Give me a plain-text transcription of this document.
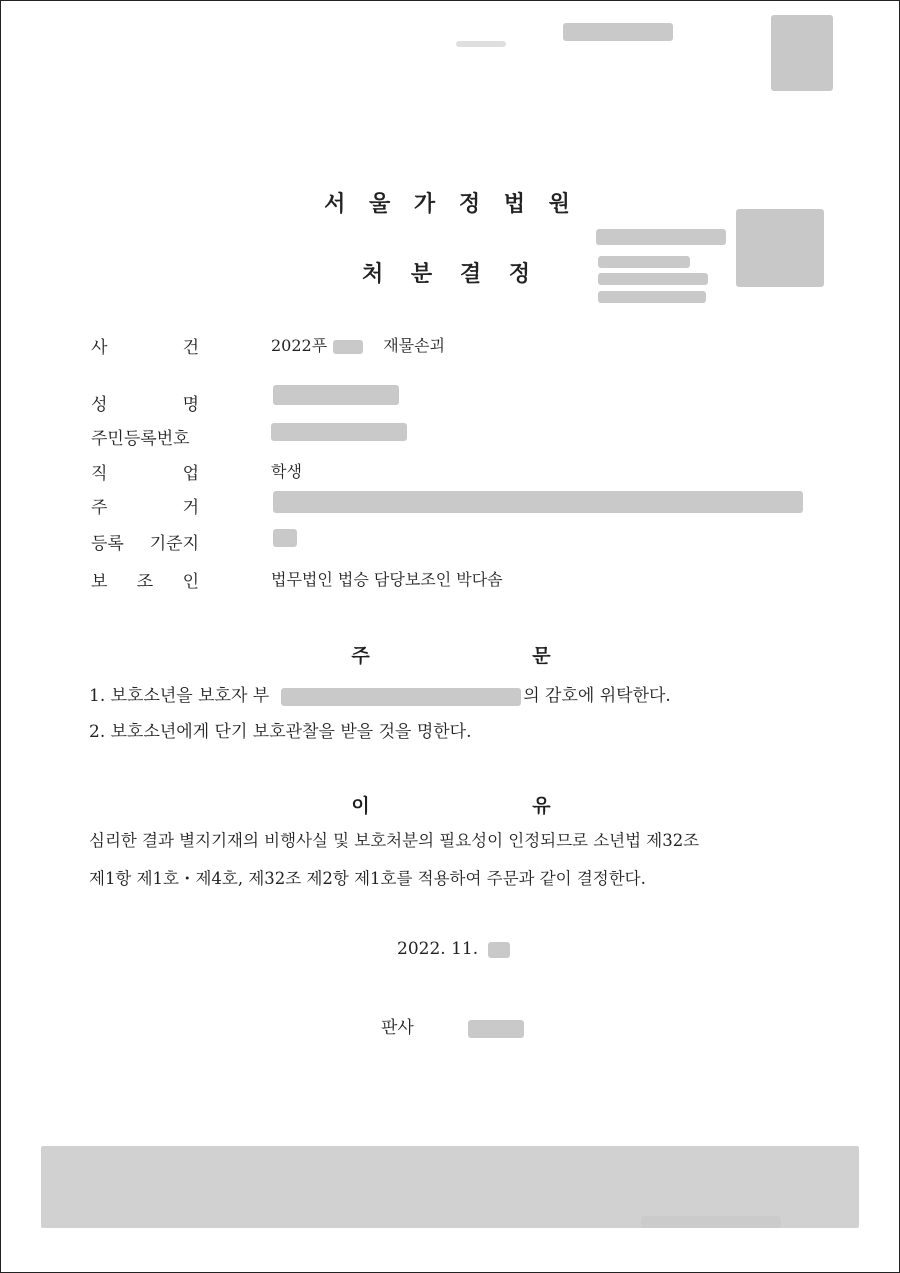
서 울 가 정 법 원
처 분 결 정
사	건	2022푸	재물손괴
성	명
주민등록번호
직	업	학생
주	거
등록 기준지
보 조 인	법무법인 법승 담당보조인 박다솜
주 문
1. 보호소년을 보호자 부	의 감호에 위탁한다.
2. 보호소년에게 단기 보호관찰을 받을 것을 명한다.
이 유
심리한 결과 별지기재의 비행사실 및 보호처분의 필요성이 인정되므로 소년법 제32조
제1항 제1호・제4호, 제32조 제2항 제1호를 적용하여 주문과 같이 결정한다.
2022. 11.
판사
